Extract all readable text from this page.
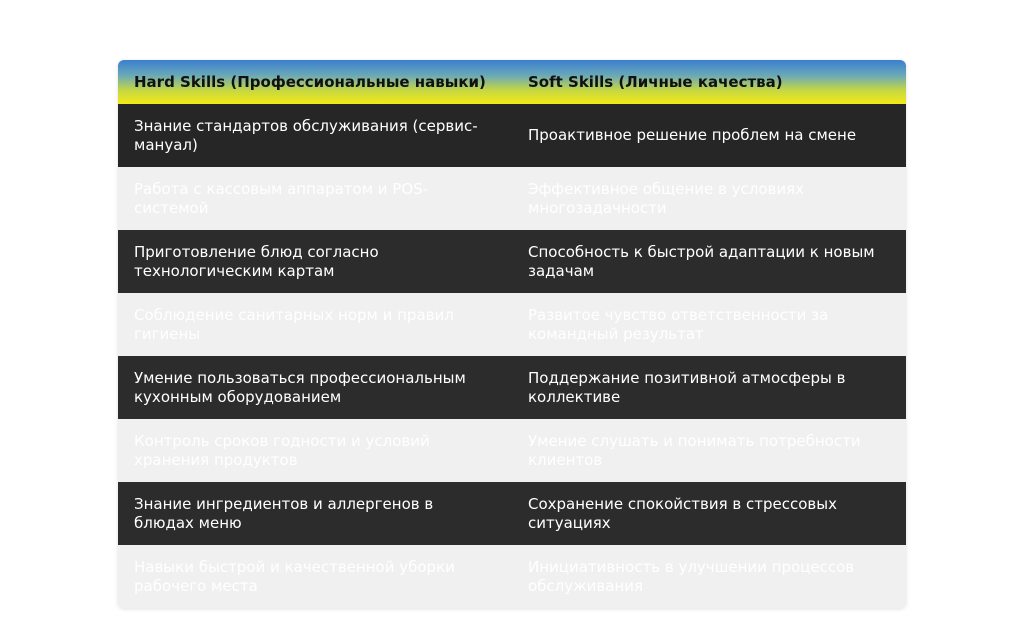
Hard Skills (Профессиональные навыки)	Soft Skills (Личные качества)
Знание стандартов обслуживания (сервис-мануал)
Проактивное решение проблем на смене
Работа с кассовым аппаратом и POS-системой
Эффективное общение в условиях многозадачности
Приготовление блюд согласно технологическим картам
Способность к быстрой адаптации к новым задачам
Соблюдение санитарных норм и правил гигиены
Развитое чувство ответственности за командный результат
Умение пользоваться профессиональным кухонным оборудованием
Поддержание позитивной атмосферы в коллективе
Контроль сроков годности и условий хранения продуктов
Умение слушать и понимать потребности клиентов
Знание ингредиентов и аллергенов в блюдах меню
Сохранение спокойствия в стрессовых ситуациях
Навыки быстрой и качественной уборки рабочего места
Инициативность в улучшении процессов обслуживания
